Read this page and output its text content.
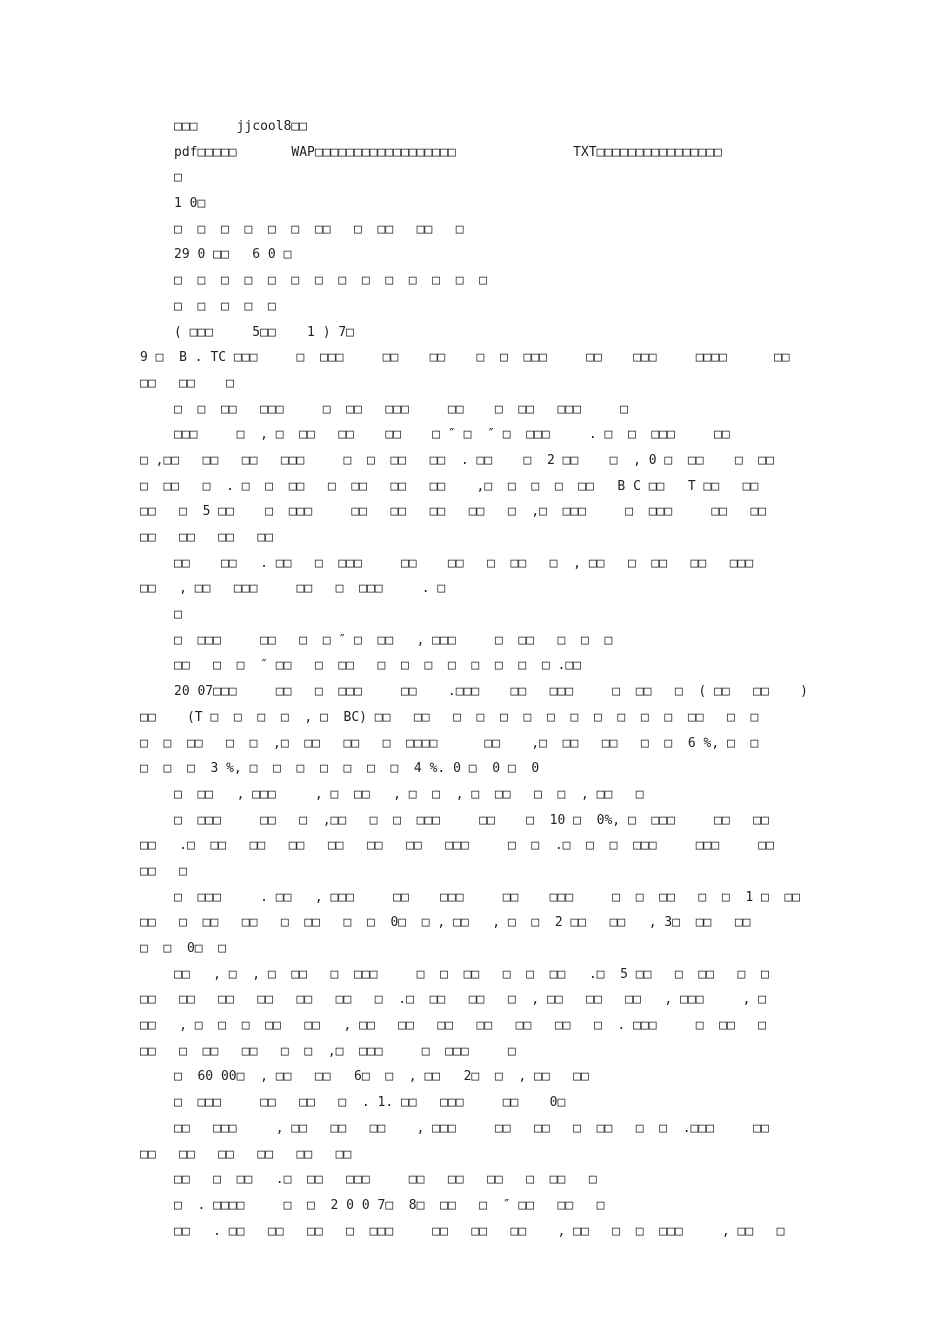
□□□     jjcool8□□
pdf□□□□□       WAP□□□□□□□□□□□□□□□□□□               TXT□□□□□□□□□□□□□□□□
□
1 0□
□  □  □  □  □  □  □□   □  □□   □□   □
29 0 □□   6 0 □
□  □  □  □  □  □  □  □  □  □  □  □  □  □
□  □  □  □  □
( □□□     5□□    1 ) 7□
9 □  B . TC □□□     □  □□□     □□    □□    □  □  □□□     □□    □□□     □□□□      □□
□□   □□    □
□  □  □□   □□□     □  □□   □□□     □□    □  □□   □□□     □
□□□     □  , □  □□   □□    □□    □ ″ □  ″ □  □□□     . □  □  □□□     □□
□ ,□□   □□   □□   □□□     □  □  □□   □□  . □□    □  2 □□    □  , 0 □  □□    □  □□
□  □□   □  . □  □  □□   □  □□   □□   □□    ,□  □  □  □  □□   B C □□   T □□   □□
□□   □  5 □□    □  □□□     □□   □□   □□   □□   □  ,□  □□□     □  □□□     □□   □□
□□   □□   □□   □□
□□    □□   . □□   □  □□□     □□    □□   □  □□   □  , □□   □  □□   □□   □□□
□□   , □□   □□□     □□   □  □□□     . □
□
□  □□□     □□   □  □ ″ □  □□   , □□□     □  □□   □  □  □
□□   □  □  ″ □□   □  □□   □  □  □  □  □  □  □  □ .□□
20 07□□□     □□   □  □□□     □□    .□□□    □□   □□□     □  □□   □  ( □□   □□    )
□□    (T □  □  □  □  , □  BC) □□   □□   □  □  □  □  □  □  □  □  □  □  □□   □  □
□  □  □□   □  □  ,□  □□   □□   □  □□□□      □□    ,□  □□   □□   □  □  6 %, □  □
□  □  □  3 %, □  □  □  □  □  □  □  4 %. 0 □  0 □  0
□  □□   , □□□     , □  □□   , □  □  , □  □□   □  □  , □□   □
□  □□□     □□   □  ,□□   □  □  □□□     □□    □  10 □  0%, □  □□□     □□   □□
□□   .□  □□   □□   □□   □□   □□   □□   □□□     □  □  .□  □  □  □□□     □□□     □□
□□   □
□  □□□     . □□   , □□□     □□    □□□     □□    □□□     □  □  □□   □  □  1 □  □□
□□   □  □□   □□   □  □□   □  □  0□  □ , □□   , □  □  2 □□   □□   , 3□  □□   □□
□  □  0□  □
□□   , □  , □  □□   □  □□□     □  □  □□   □  □  □□   .□  5 □□   □  □□   □  □
□□   □□   □□   □□   □□   □□   □  .□  □□   □□   □  , □□   □□   □□   , □□□     , □
□□   , □  □  □  □□   □□   , □□   □□   □□   □□   □□   □□   □  . □□□     □  □□   □
□□   □  □□   □□   □  □  ,□  □□□     □  □□□     □
□  60 00□  , □□   □□   6□  □  , □□   2□  □  , □□   □□
□  □□□     □□   □□   □  . 1. □□   □□□     □□    0□
□□   □□□     , □□   □□   □□    , □□□     □□   □□   □  □□   □  □  .□□□     □□
□□   □□   □□   □□   □□   □□
□□   □  □□   .□  □□   □□□     □□   □□   □□   □  □□   □
□  . □□□□     □  □  2 0 0 7□  8□  □□   □  ″ □□   □□   □
□□   . □□   □□   □□   □  □□□     □□   □□   □□    , □□   □  □  □□□     , □□   □
